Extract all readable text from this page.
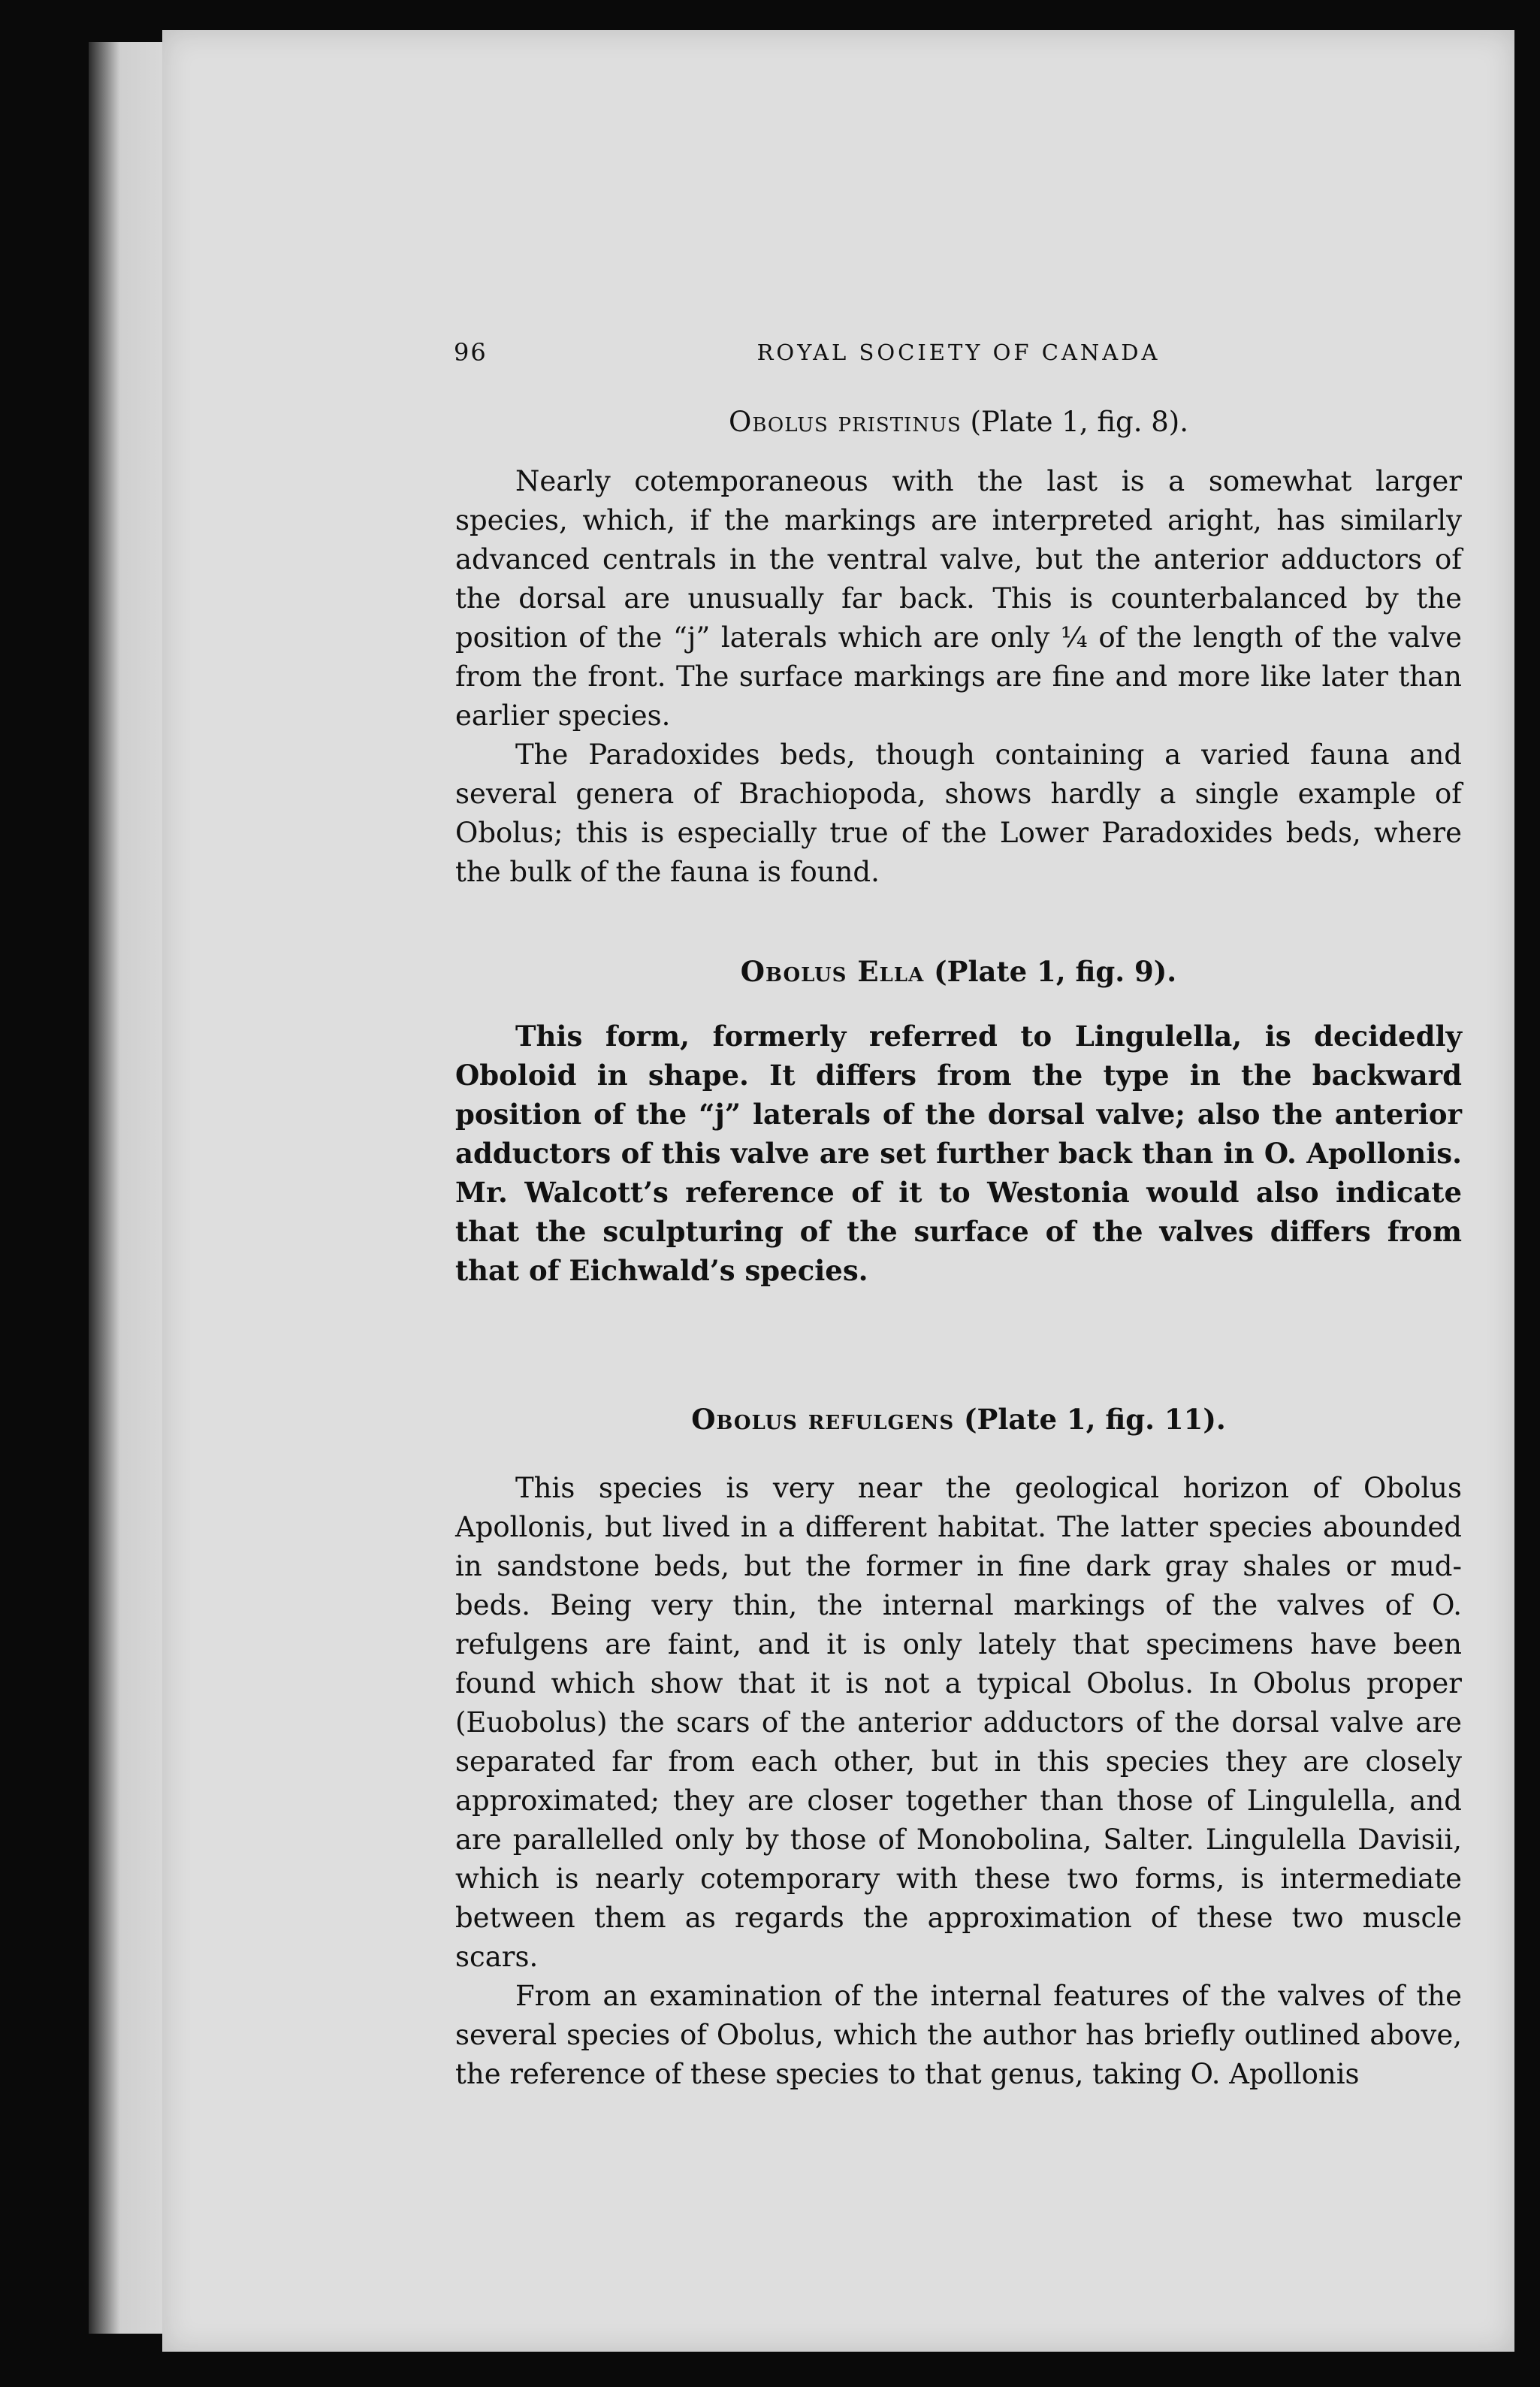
96	ROYAL SOCIETY OF CANADA
Obolus pristinus (Plate 1, fig. 8).

Nearly cotemporaneous with the last is a somewhat larger species, which, if the markings are interpreted aright, has similarly advanced centrals in the ventral valve, but the anterior adductors of the dorsal are unusually far back. This is counterbalanced by the position of the “j” laterals which are only ¼ of the length of the valve from the front. The surface markings are fine and more like later than earlier species.

The Paradoxides beds, though containing a varied fauna and several genera of Brachiopoda, shows hardly a single example of Obolus; this is especially true of the Lower Paradoxides beds, where the bulk of the fauna is found.

Obolus Ella (Plate 1, fig. 9).

This form, formerly referred to Lingulella, is decidedly Oboloid in shape. It differs from the type in the backward position of the “j” laterals of the dorsal valve; also the anterior adductors of this valve are set further back than in O. Apollonis. Mr. Walcott’s reference of it to Westonia would also indicate that the sculpturing of the surface of the valves differs from that of Eichwald’s species.

Obolus refulgens (Plate 1, fig. 11).

This species is very near the geological horizon of Obolus Apollonis, but lived in a different habitat. The latter species abounded in sandstone beds, but the former in fine dark gray shales or mud-beds. Being very thin, the internal markings of the valves of O. refulgens are faint, and it is only lately that specimens have been found which show that it is not a typical Obolus. In Obolus proper (Euobolus) the scars of the anterior adductors of the dorsal valve are separated far from each other, but in this species they are closely approximated; they are closer together than those of Lingulella, and are parallelled only by those of Monobolina, Salter. Lingulella Davisii, which is nearly cotemporary with these two forms, is intermediate between them as regards the approximation of these two muscle scars.

From an examination of the internal features of the valves of the several species of Obolus, which the author has briefly outlined above, the reference of these species to that genus, taking O. Apollonis
